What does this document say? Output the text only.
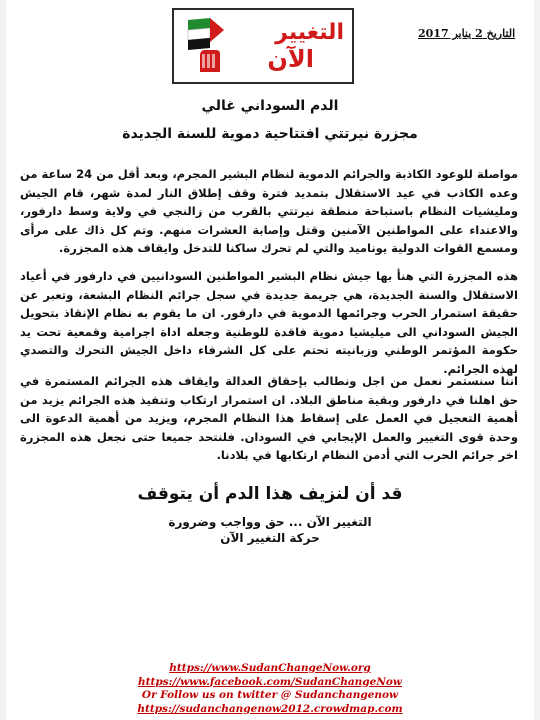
التاريخ 2 يناير 2017
التغيير
الآن
الدم السوداني غالي
مجزرة نيرتتي افتتاحية دموية للسنة الجديدة
مواصلة للوعود الكاذبة والجرائم الدموية لنظام البشير المجرم، وبعد أقل من 24 ساعة من وعده الكاذب في عيد الاستقلال بتمديد فترة وقف إطلاق النار لمدة شهر، قام الجيش ومليشيات النظام باستباحة منطقة نيرتتي بالقرب من زالنجي في ولاية وسط دارفور، والاعتداء على المواطنين الآمنين وقتل وإصابة العشرات منهم. وتم كل ذاك على مرأى ومسمع القوات الدولية يوناميد والتي لم تحرك ساكنا للتدخل وايقاف هذه المجزرة.
هذه المجزرة التي هنأ بها جيش نظام البشير المواطنين السودانيين في دارفور في أعياد الاستقلال والسنة الجديدة، هي جريمة جديدة في سجل جرائم النظام البشعة، وتعبر عن حقيقة استمرار الحرب وجرائمها الدموية في دارفور. ان ما يقوم به نظام الإنقاذ بتحويل الجيش السوداني الى ميليشيا دموية فاقدة للوطنية وجعله اداة اجرامية وقمعية تحت يد حكومة المؤتمر الوطني وزبانيته تحتم على كل الشرفاء داخل الجيش التحرك والتصدي لهذه الجرائم.
اننا سنستمر نعمل من اجل ونطالب بإحقاق العدالة وايقاف هذه الجرائم المستمرة في حق اهلنا في دارفور وبقية مناطق البلاد. ان استمرار ارتكاب وتنفيذ هذه الجرائم يزيد من أهمية التعجيل في العمل على إسقاط هذا النظام المجرم، ويزيد من أهمية الدعوة الى وحدة قوى التغيير والعمل الإيجابي في السودان. فلنتحد جميعا حتى نجعل هذه المجزرة اخر جرائم الحرب التي أدمن النظام ارتكابها في بلادنا.
قد أن لنزيف هذا الدم أن يتوقف
التغيير الآن ... حق وواجب وضرورة
حركة التغيير الآن
https://www.SudanChangeNow.org
https://www.facebook.com/SudanChangeNow
Or Follow us on twitter @ Sudanchangenow
https://sudanchangenow2012.crowdmap.com
